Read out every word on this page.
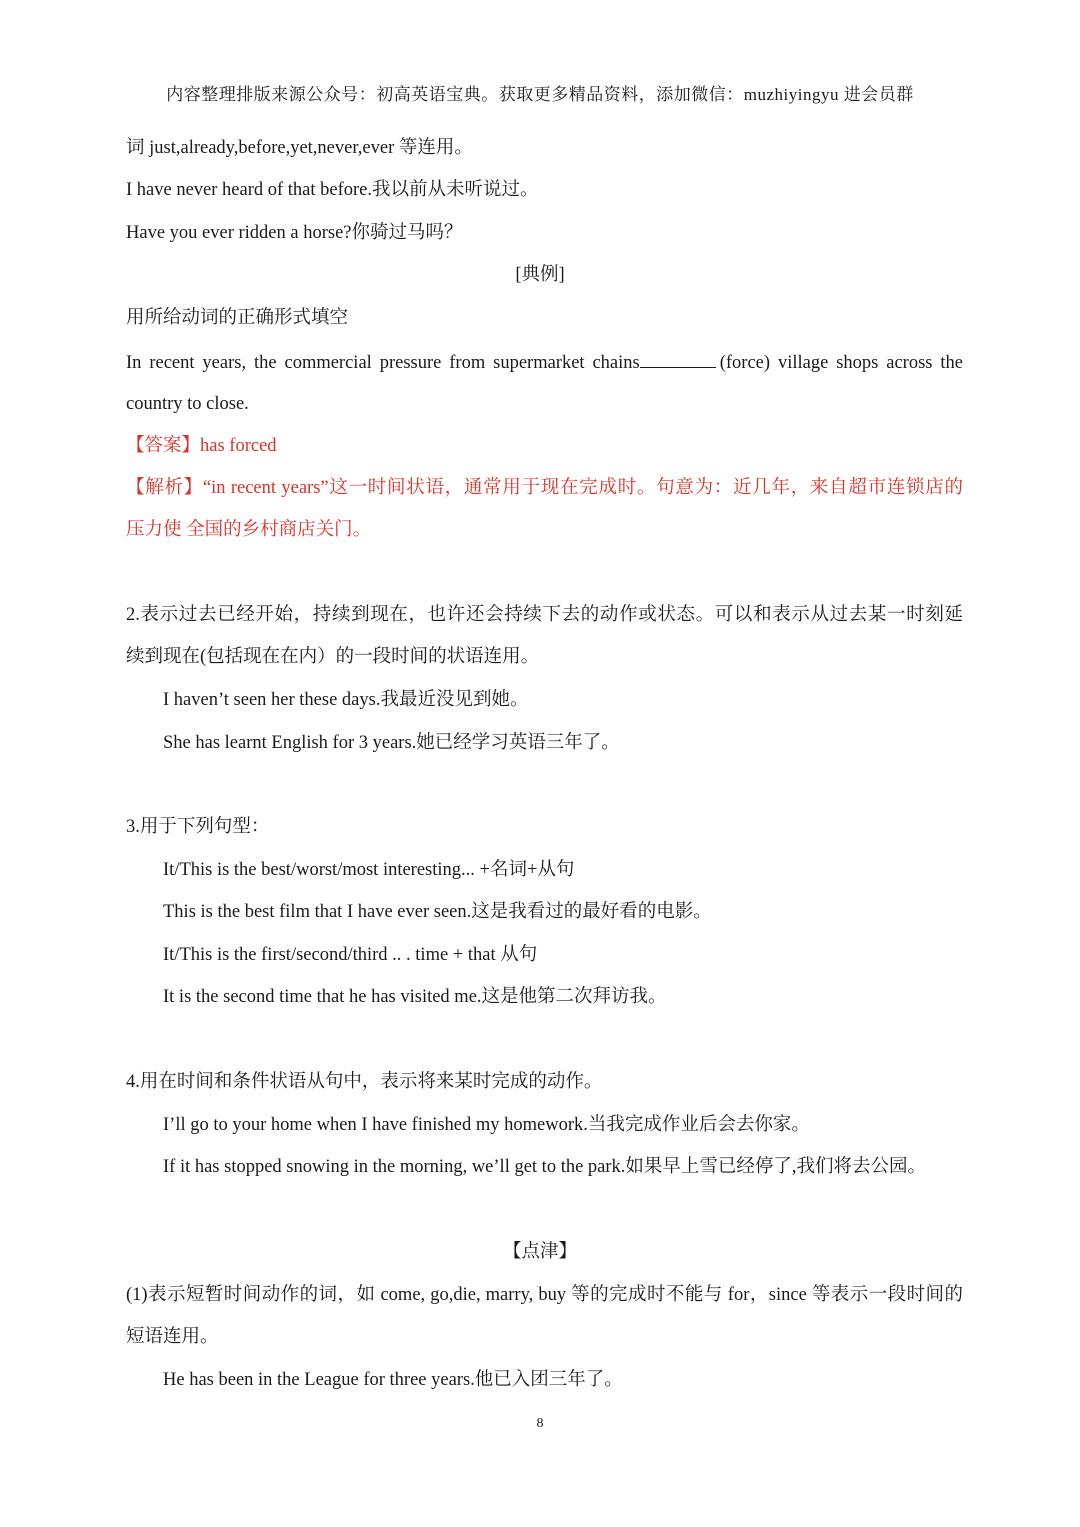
内容整理排版来源公众号：初高英语宝典。获取更多精品资料，添加微信：muzhiyingyu 进会员群
词 just,already,before,yet,never,ever 等连用。
I have never heard of that before.我以前从未听说过。
Have you ever ridden a horse?你骑过马吗？
[典例]
用所给动词的正确形式填空
In recent years, the commercial pressure from supermarket chains	(force) village shops across the
country to close.
【答案】has forced
【解析】“in recent years”这一时间状语，通常用于现在完成时。句意为：近几年，来自超市连锁店的
压力使 全国的乡村商店关门。
2.表示过去已经开始，持续到现在，也许还会持续下去的动作或状态。可以和表示从过去某一时刻延
续到现在(包括现在在内）的一段时间的状语连用。
I haven’t seen her these days.我最近没见到她。
She has learnt English for 3 years.她已经学习英语三年了。
3.用于下列句型：
It/This is the best/worst/most interesting... +名词+从句
This is the best film that I have ever seen.这是我看过的最好看的电影。
It/This is the first/second/third .. . time + that 从句
It is the second time that he has visited me.这是他第二次拜访我。
4.用在时间和条件状语从句中，表示将来某时完成的动作。
I’ll go to your home when I have finished my homework.当我完成作业后会去你家。
If it has stopped snowing in the morning, we’ll get to the park.如果早上雪已经停了,我们将去公园。
【点津】
(1)表示短暂时间动作的词，如 come, go,die, marry, buy 等的完成时不能与 for，since 等表示一段时间的
短语连用。
He has been in the League for three years.他已入团三年了。
8
